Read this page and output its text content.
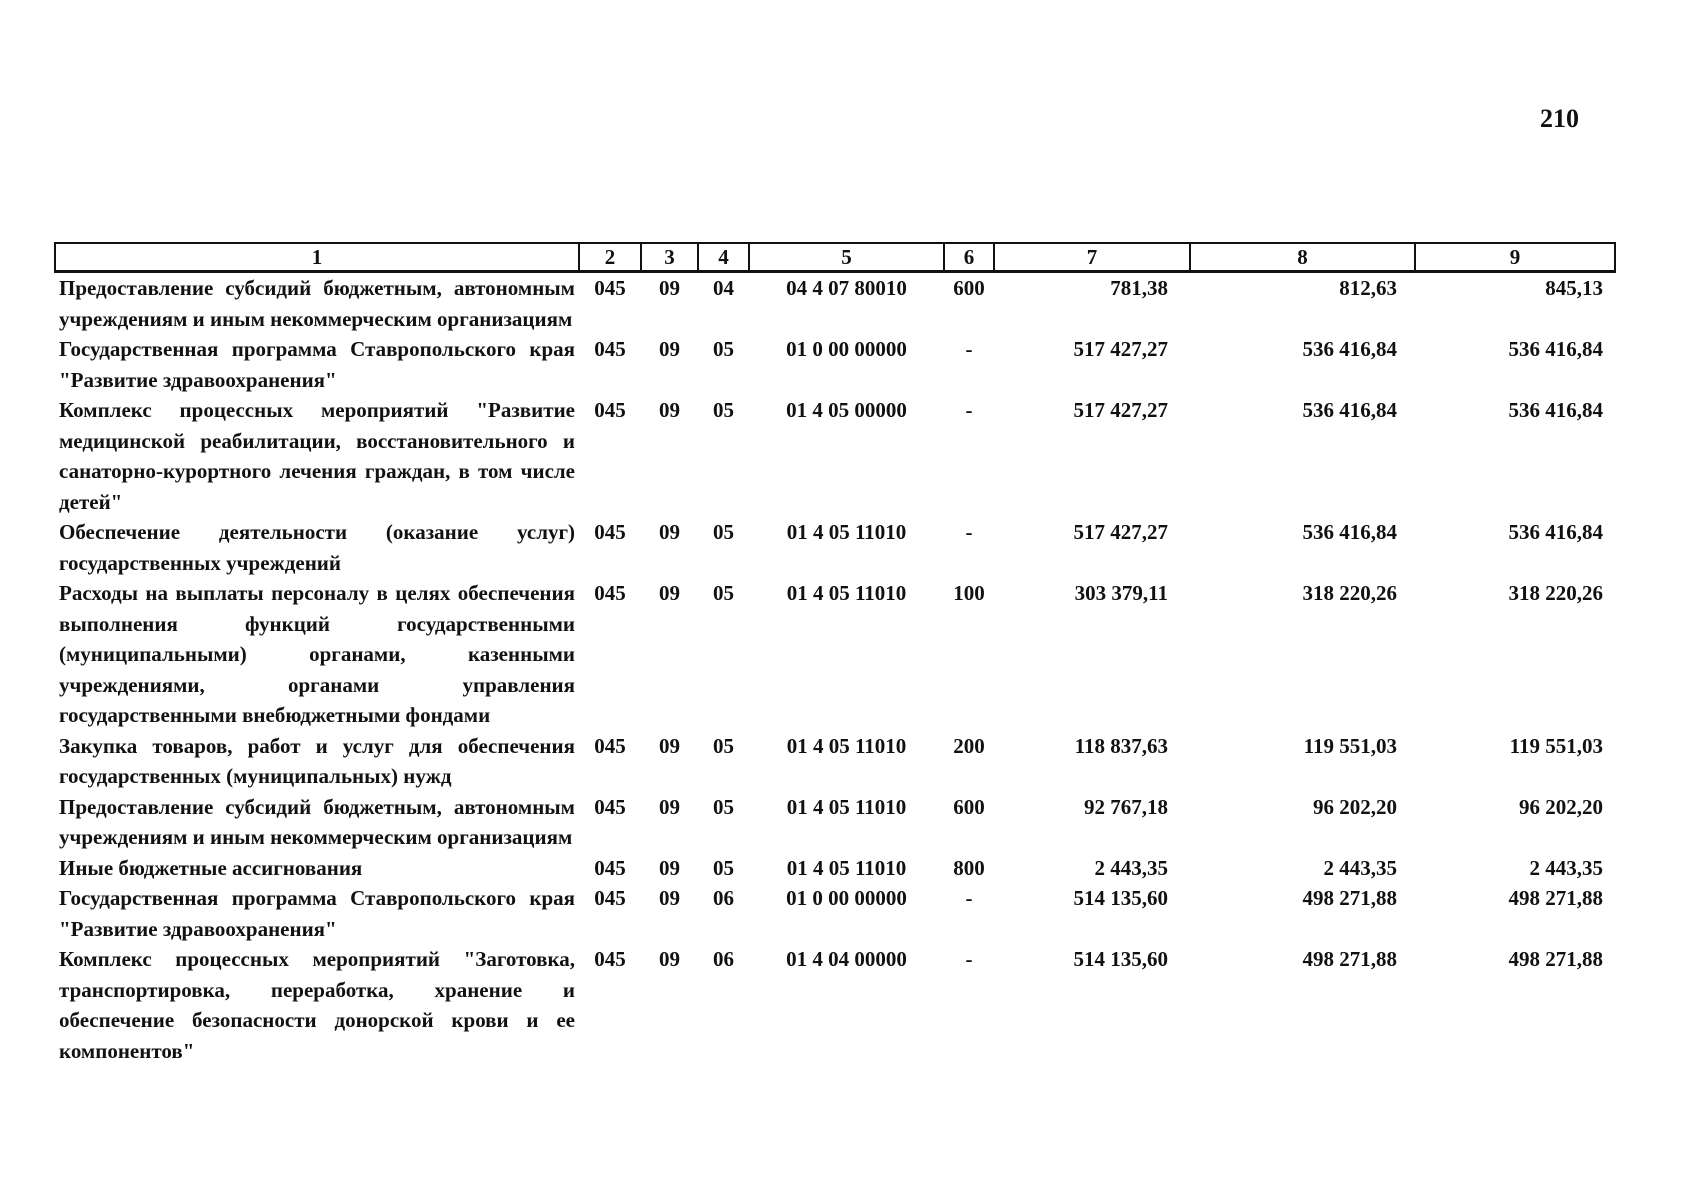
210
1	2	3	4	5	6	7	8	9
Предоставление субсидий бюджетным, автономным учреждениям и иным некоммерческим организациям	045	09	04	04 4 07 80010	600	781,38	812,63	845,13
Государственная программа Ставропольского края "Развитие здравоохранения"	045	09	05	01 0 00 00000	-	517 427,27	536 416,84	536 416,84
Комплекс процессных мероприятий "Развитие медицинской реабилитации, восстановительного и санаторно-курортного лечения граждан, в том числе детей"	045	09	05	01 4 05 00000	-	517 427,27	536 416,84	536 416,84
Обеспечение деятельности (оказание услуг) государственных учреждений	045	09	05	01 4 05 11010	-	517 427,27	536 416,84	536 416,84
Расходы на выплаты персоналу в целях обеспечения выполнения функций государственными (муниципальными) органами, казенными учреждениями, органами управления государственными внебюджетными фондами	045	09	05	01 4 05 11010	100	303 379,11	318 220,26	318 220,26
Закупка товаров, работ и услуг для обеспечения государственных (муниципальных) нужд	045	09	05	01 4 05 11010	200	118 837,63	119 551,03	119 551,03
Предоставление субсидий бюджетным, автономным учреждениям и иным некоммерческим организациям	045	09	05	01 4 05 11010	600	92 767,18	96 202,20	96 202,20
Иные бюджетные ассигнования	045	09	05	01 4 05 11010	800	2 443,35	2 443,35	2 443,35
Государственная программа Ставропольского края "Развитие здравоохранения"	045	09	06	01 0 00 00000	-	514 135,60	498 271,88	498 271,88
Комплекс процессных мероприятий "Заготовка, транспортировка, переработка, хранение и обеспечение безопасности донорской крови и ее компонентов"	045	09	06	01 4 04 00000	-	514 135,60	498 271,88	498 271,88
